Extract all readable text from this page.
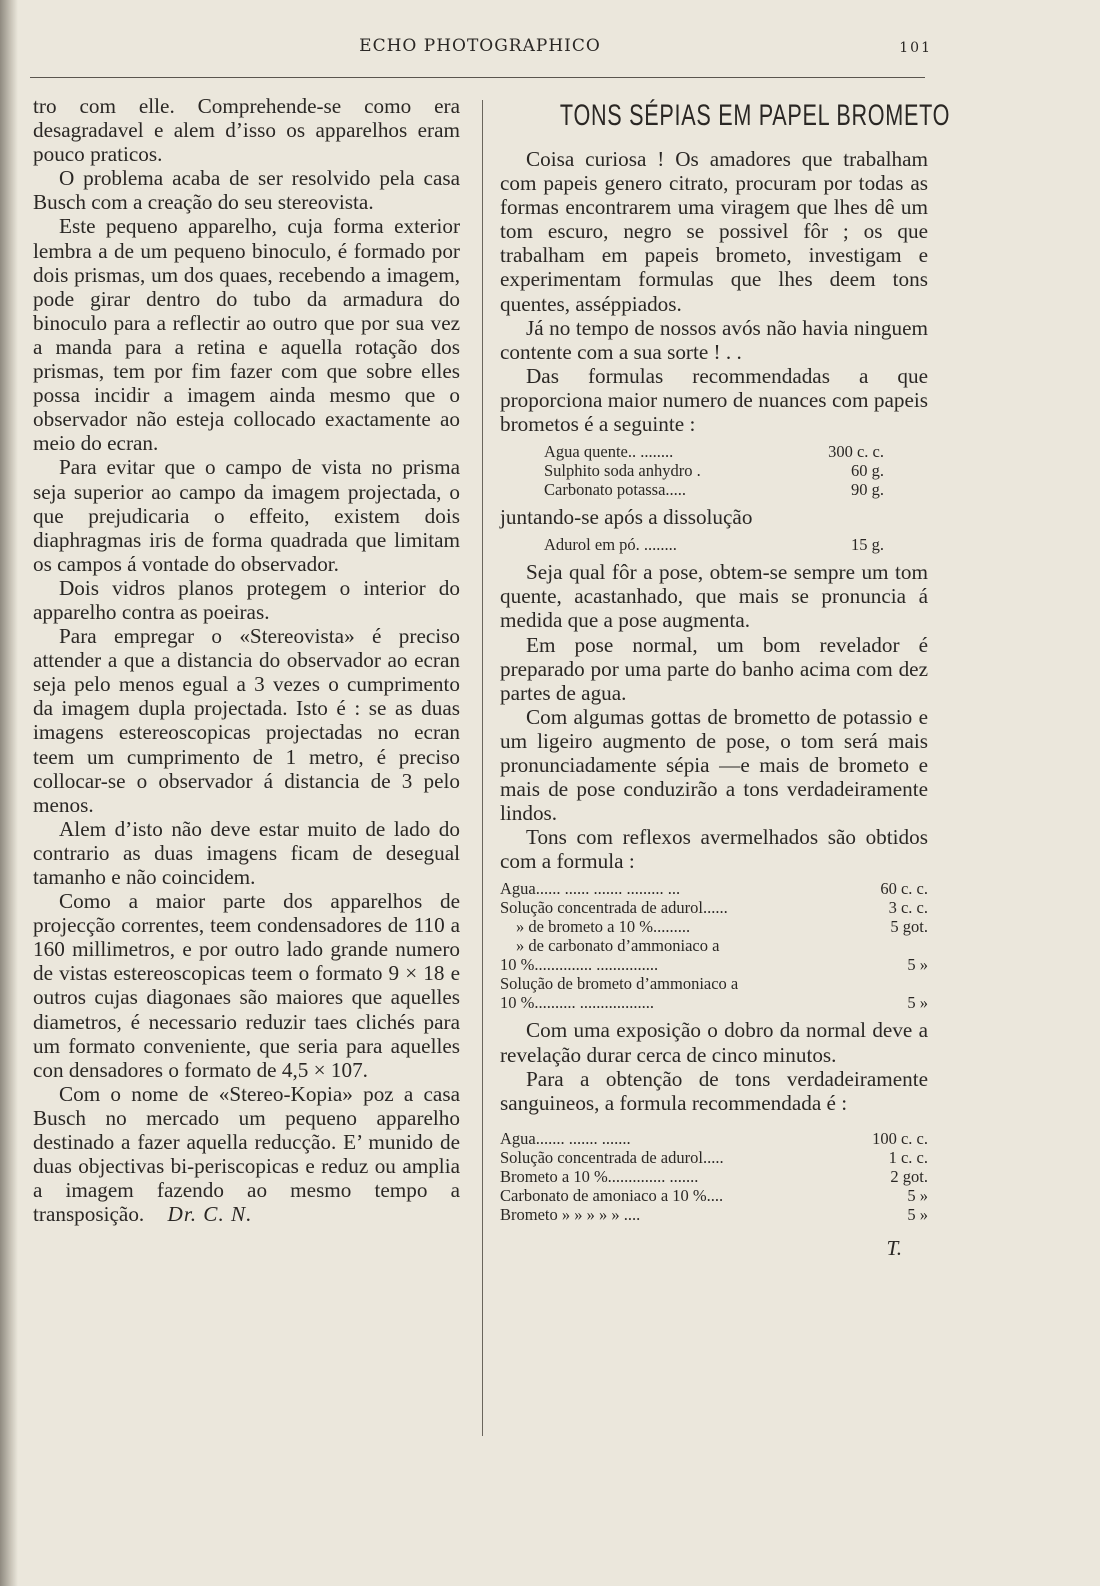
ECHO PHOTOGRAPHICO	101

tro com elle. Comprehende-se como era desagradavel e alem d’isso os apparelhos eram pouco praticos.

O problema acaba de ser resolvido pela casa Busch com a creação do seu stereovista.

Este pequeno apparelho, cuja forma exterior lembra a de um pequeno binoculo, é formado por dois prismas, um dos quaes, recebendo a imagem, pode girar dentro do tubo da armadura do binoculo para a reflectir ao outro que por sua vez a manda para a retina e aquella rotação dos prismas, tem por fim fazer com que sobre elles possa incidir a imagem ainda mesmo que o observador não esteja collocado exactamente ao meio do ecran.

Para evitar que o campo de vista no prisma seja superior ao campo da imagem projectada, o que prejudicaria o effeito, existem dois diaphragmas iris de forma quadrada que limitam os campos á vontade do observador.

Dois vidros planos protegem o interior do apparelho contra as poeiras.

Para empregar o «Stereovista» é preciso attender a que a distancia do observador ao ecran seja pelo menos egual a 3 vezes o cumprimento da imagem dupla projectada. Isto é : se as duas imagens estereoscopicas projectadas no ecran teem um cumprimento de 1 metro, é preciso collocar-se o observador á distancia de 3 pelo menos.

Alem d’isto não deve estar muito de lado do contrario as duas imagens ficam de desegual tamanho e não coincidem.

Como a maior parte dos apparelhos de projecção correntes, teem condensadores de 110 a 160 millimetros, e por outro lado grande numero de vistas estereoscopicas teem o formato 9 × 18 e outros cujas diagonaes são maiores que aquelles diametros, é necessario reduzir taes clichés para um formato conveniente, que seria para aquelles con densadores o formato de 4,5 × 107.

Com o nome de «Stereo-Kopia» poz a casa Busch no mercado um pequeno apparelho destinado a fazer aquella reducção. E’ munido de duas objectivas bi-periscopicas e reduz ou amplia a imagem fazendo ao mesmo tempo a transposição. Dr. C. N.

TONS SÉPIAS EM PAPEL BROMETO

Coisa curiosa ! Os amadores que trabalham com papeis genero citrato, procuram por todas as formas encontrarem uma viragem que lhes dê um tom escuro, negro se possivel fôr ; os que trabalham em papeis brometo, investigam e experimentam formulas que lhes deem tons quentes, asséppiados.

Já no tempo de nossos avós não havia ninguem contente com a sua sorte ! . .

Das formulas recommendadas a que proporciona maior numero de nuances com papeis brometos é a seguinte :

Agua quente.. ........	300 c. c.
Sulphito soda anhydro .	60 g.
Carbonato potassa.....	90 g.

juntando-se após a dissolução

Adurol em pó. ........	15 g.

Seja qual fôr a pose, obtem-se sempre um tom quente, acastanhado, que mais se pronuncia á medida que a pose augmenta.

Em pose normal, um bom revelador é preparado por uma parte do banho acima com dez partes de agua.

Com algumas gottas de brometto de potassio e um ligeiro augmento de pose, o tom será mais pronunciadamente sépia —e mais de brometo e mais de pose conduzirão a tons verdadeiramente lindos.

Tons com reflexos avermelhados são obtidos com a formula :

Agua...... ...... ....... ......... ...	60 c. c.
Solução concentrada de adurol......	3 c. c.
» de brometo a 10 %.........	5 got.
» de carbonato d’ammoniaco a
10 %.............. ...............	5 »
Solução de brometo d’ammoniaco a
10 %.......... ..................	5 »

Com uma exposição o dobro da normal deve a revelação durar cerca de cinco minutos.

Para a obtenção de tons verdadeiramente sanguineos, a formula recommendada é :

Agua....... ....... .......	100 c. c.
Solução concentrada de adurol.....	1 c. c.
Brometo a 10 %.............. .......	2 got.
Carbonato de amoniaco a 10 %....	5 »
Brometo » » » » » ....	5 »
T.
